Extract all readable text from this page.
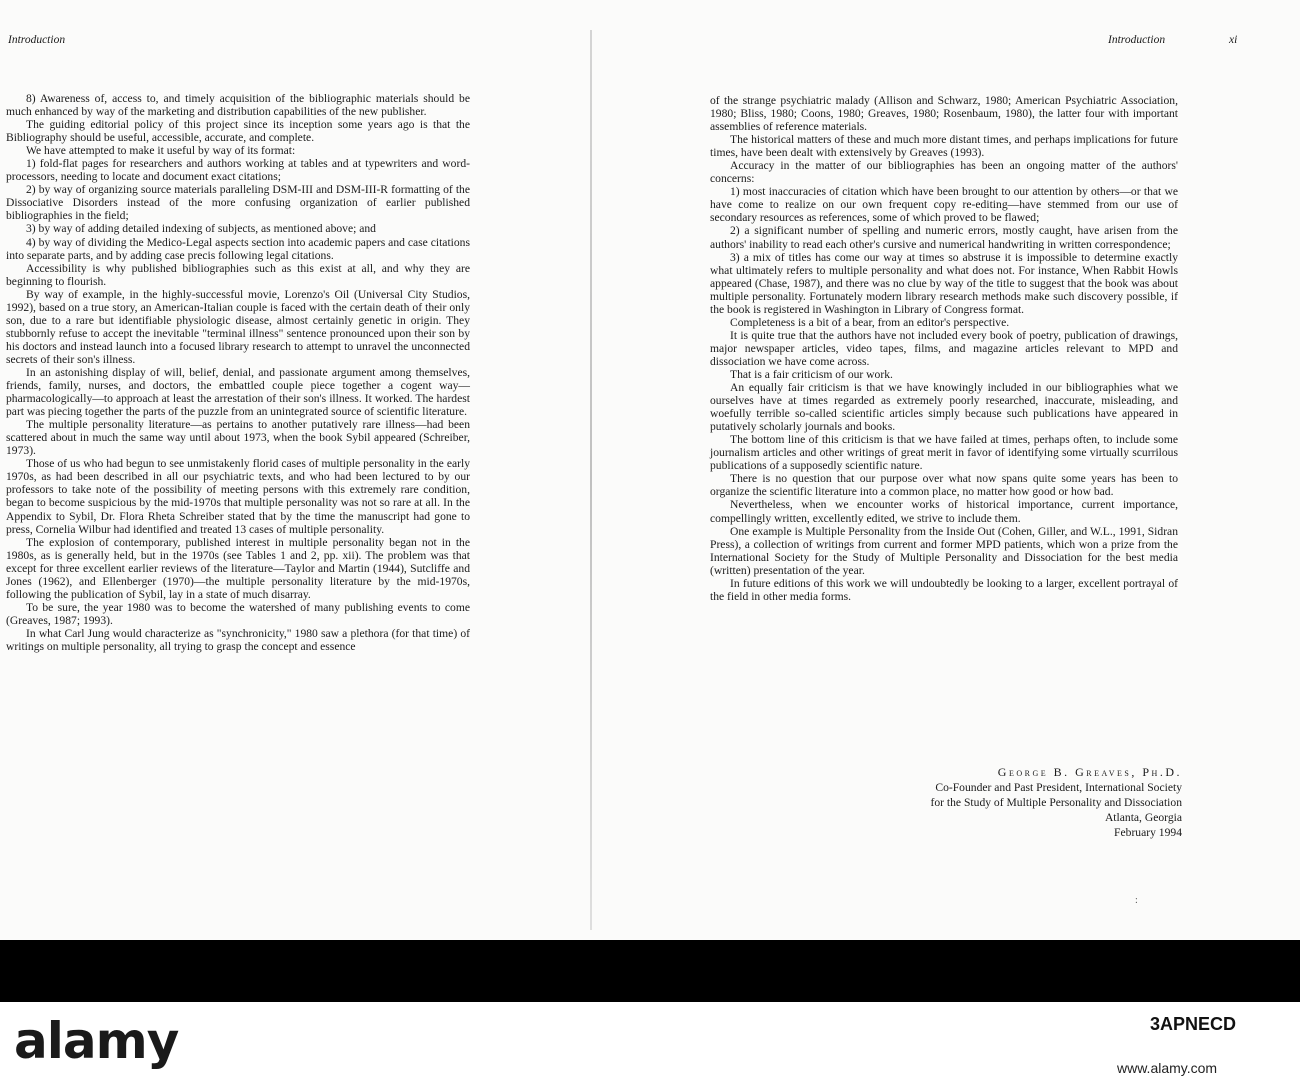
Introduction	Introduction	xi

8) Awareness of, access to, and timely acquisition of the bibliographic materials should be much enhanced by way of the marketing and distribution capabilities of the new publisher.

The guiding editorial policy of this project since its inception some years ago is that the Bibliography should be useful, accessible, accurate, and complete.

We have attempted to make it useful by way of its format:

1) fold-flat pages for researchers and authors working at tables and at typewriters and word-processors, needing to locate and document exact citations;

2) by way of organizing source materials paralleling DSM-III and DSM-III-R formatting of the Dissociative Disorders instead of the more confusing organization of earlier published bibliographies in the field;

3) by way of adding detailed indexing of subjects, as mentioned above; and

4) by way of dividing the Medico-Legal aspects section into academic papers and case citations into separate parts, and by adding case precis following legal citations.

Accessibility is why published bibliographies such as this exist at all, and why they are beginning to flourish.

By way of example, in the highly-successful movie, Lorenzo's Oil (Universal City Studios, 1992), based on a true story, an American-Italian couple is faced with the certain death of their only son, due to a rare but identifiable physiologic disease, almost certainly genetic in origin. They stubbornly refuse to accept the inevitable "terminal illness" sentence pronounced upon their son by his doctors and instead launch into a focused library research to attempt to unravel the unconnected secrets of their son's illness.

In an astonishing display of will, belief, denial, and passionate argument among themselves, friends, family, nurses, and doctors, the embattled couple piece together a cogent way—pharmacologically—to approach at least the arrestation of their son's illness. It worked. The hardest part was piecing together the parts of the puzzle from an unintegrated source of scientific literature.

The multiple personality literature—as pertains to another putatively rare illness—had been scattered about in much the same way until about 1973, when the book Sybil appeared (Schreiber, 1973).

Those of us who had begun to see unmistakenly florid cases of multiple personality in the early 1970s, as had been described in all our psychiatric texts, and who had been lectured to by our professors to take note of the possibility of meeting persons with this extremely rare condition, began to become suspicious by the mid-1970s that multiple personality was not so rare at all. In the Appendix to Sybil, Dr. Flora Rheta Schreiber stated that by the time the manuscript had gone to press, Cornelia Wilbur had identified and treated 13 cases of multiple personality.

The explosion of contemporary, published interest in multiple personality began not in the 1980s, as is generally held, but in the 1970s (see Tables 1 and 2, pp. xii). The problem was that except for three excellent earlier reviews of the literature—Taylor and Martin (1944), Sutcliffe and Jones (1962), and Ellenberger (1970)—the multiple personality literature by the mid-1970s, following the publication of Sybil, lay in a state of much disarray.

To be sure, the year 1980 was to become the watershed of many publishing events to come (Greaves, 1987; 1993).

In what Carl Jung would characterize as "synchronicity," 1980 saw a plethora (for that time) of writings on multiple personality, all trying to grasp the concept and essence

of the strange psychiatric malady (Allison and Schwarz, 1980; American Psychiatric Association, 1980; Bliss, 1980; Coons, 1980; Greaves, 1980; Rosenbaum, 1980), the latter four with important assemblies of reference materials.

The historical matters of these and much more distant times, and perhaps implications for future times, have been dealt with extensively by Greaves (1993).

Accuracy in the matter of our bibliographies has been an ongoing matter of the authors' concerns:

1) most inaccuracies of citation which have been brought to our attention by others—or that we have come to realize on our own frequent copy re-editing—have stemmed from our use of secondary resources as references, some of which proved to be flawed;

2) a significant number of spelling and numeric errors, mostly caught, have arisen from the authors' inability to read each other's cursive and numerical handwriting in written correspondence;

3) a mix of titles has come our way at times so abstruse it is impossible to determine exactly what ultimately refers to multiple personality and what does not. For instance, When Rabbit Howls appeared (Chase, 1987), and there was no clue by way of the title to suggest that the book was about multiple personality. Fortunately modern library research methods make such discovery possible, if the book is registered in Washington in Library of Congress format.

Completeness is a bit of a bear, from an editor's perspective.

It is quite true that the authors have not included every book of poetry, publication of drawings, major newspaper articles, video tapes, films, and magazine articles relevant to MPD and dissociation we have come across.

That is a fair criticism of our work.

An equally fair criticism is that we have knowingly included in our bibliographies what we ourselves have at times regarded as extremely poorly researched, inaccurate, misleading, and woefully terrible so-called scientific articles simply because such publications have appeared in putatively scholarly journals and books.

The bottom line of this criticism is that we have failed at times, perhaps often, to include some journalism articles and other writings of great merit in favor of identifying some virtually scurrilous publications of a supposedly scientific nature.

There is no question that our purpose over what now spans quite some years has been to organize the scientific literature into a common place, no matter how good or how bad.

Nevertheless, when we encounter works of historical importance, current importance, compellingly written, excellently edited, we strive to include them.

One example is Multiple Personality from the Inside Out (Cohen, Giller, and W.L., 1991, Sidran Press), a collection of writings from current and former MPD patients, which won a prize from the International Society for the Study of Multiple Personality and Dissociation for the best media (written) presentation of the year.

In future editions of this work we will undoubtedly be looking to a larger, excellent portrayal of the field in other media forms.

George B. Greaves, Ph.D.
Co-Founder and Past President, International Society
for the Study of Multiple Personality and Dissociation
Atlanta, Georgia
February 1994
:
alamy	3APNECD
www.alamy.com
